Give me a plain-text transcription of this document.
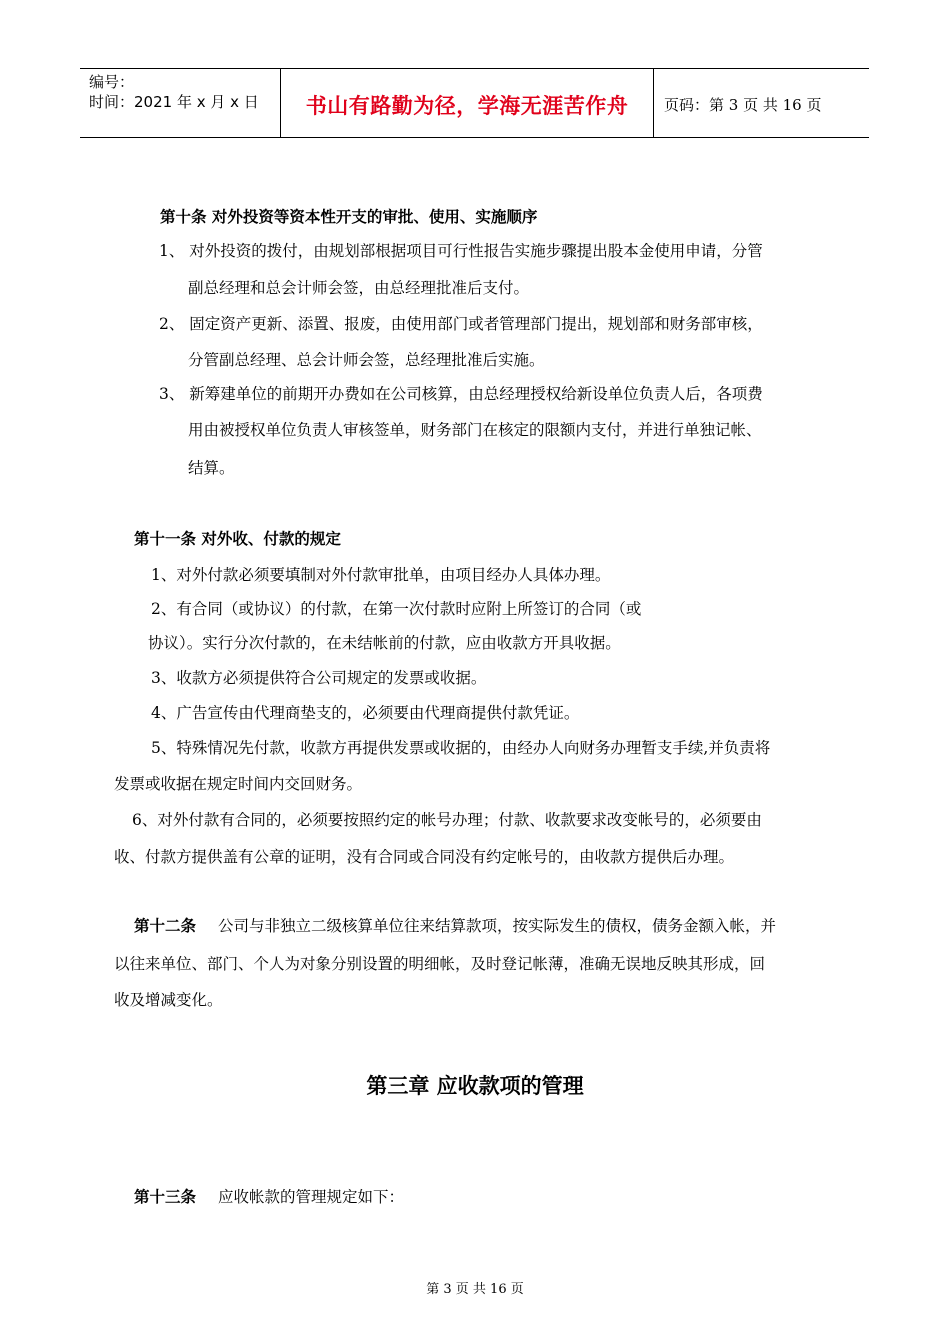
编号：
时间：2021 年 x 月 x 日	书山有路勤为径，学海无涯苦作舟	页码：第 3 页 共 16 页
第十条 对外投资等资本性开支的审批、使用、实施顺序
1、 对外投资的拨付，由规划部根据项目可行性报告实施步骤提出股本金使用申请，分管
副总经理和总会计师会签，由总经理批准后支付。
2、 固定资产更新、添置、报废，由使用部门或者管理部门提出，规划部和财务部审核，
分管副总经理、总会计师会签，总经理批准后实施。
3、 新筹建单位的前期开办费如在公司核算，由总经理授权给新设单位负责人后，各项费
用由被授权单位负责人审核签单，财务部门在核定的限额内支付，并进行单独记帐、
结算。
第十一条 对外收、付款的规定
1、对外付款必须要填制对外付款审批单，由项目经办人具体办理。
2、有合同（或协议）的付款，在第一次付款时应附上所签订的合同（或
协议）。实行分次付款的，在未结帐前的付款，应由收款方开具收据。
3、收款方必须提供符合公司规定的发票或收据。
4、广告宣传由代理商垫支的，必须要由代理商提供付款凭证。
5、特殊情况先付款，收款方再提供发票或收据的，由经办人向财务办理暂支手续,并负责将
发票或收据在规定时间内交回财务。
6、对外付款有合同的，必须要按照约定的帐号办理；付款、收款要求改变帐号的，必须要由
收、付款方提供盖有公章的证明，没有合同或合同没有约定帐号的，由收款方提供后办理。
第十二条 公司与非独立二级核算单位往来结算款项，按实际发生的债权，债务金额入帐，并
以往来单位、部门、个人为对象分别设置的明细帐，及时登记帐薄，准确无误地反映其形成，回
收及增减变化。
第三章 应收款项的管理
第十三条 应收帐款的管理规定如下：
第 3 页 共 16 页
